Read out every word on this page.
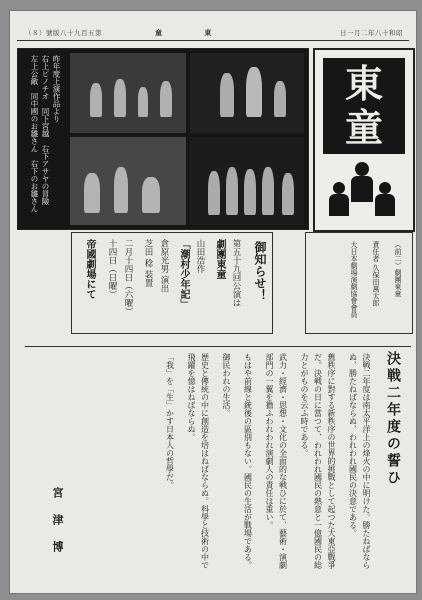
（８）號版八十九百五第	童 東	日一月二年八十和昭
昨年度上演作品より
右上ピノチオ　同下宮越　右下アサヤの冒險
左上公敵　同中國のお雛さん　右下のお雛さん	東
童
御知らせ！
第五十九回公演は
劇團東童
山田浩作
「潮村少年記」
倉原光男 演出
芝田 稔 装置
二月十四日（六曜）
十四日（日曜）
帝國劇場にて	（前二）劇團東童
責任者 久保田萬太郎
大日本劇場演劇協會會員
決戦二年度の誓ひ

決戦二年度は南太平洋上の烽火の中に明けた。勝たねばならぬ、勝たねばならぬ、われわれ國民の決意である。

舊秩序に對する新秩序の世界的挑戰として起つた大東亞戰爭だ。決戦の日に當つて、われわれ國民の熱意と一億國民の総力とがものを云ふ時である。

武力・經濟・思想・文化の全面的な戦ひに於て、藝術・演劇部門の一翼を擔ふわれわれ演劇人の責任は重い。

もはや前線と銃後の區別もない。國民の生活が戰場である。

御民われの生活。

歴史と傳統の中に創造を培はねばならぬ。科學と技術の中で飛躍を憶はねばならぬ。

「我」を「生」かす日本人の哲學だ。

宮津博
